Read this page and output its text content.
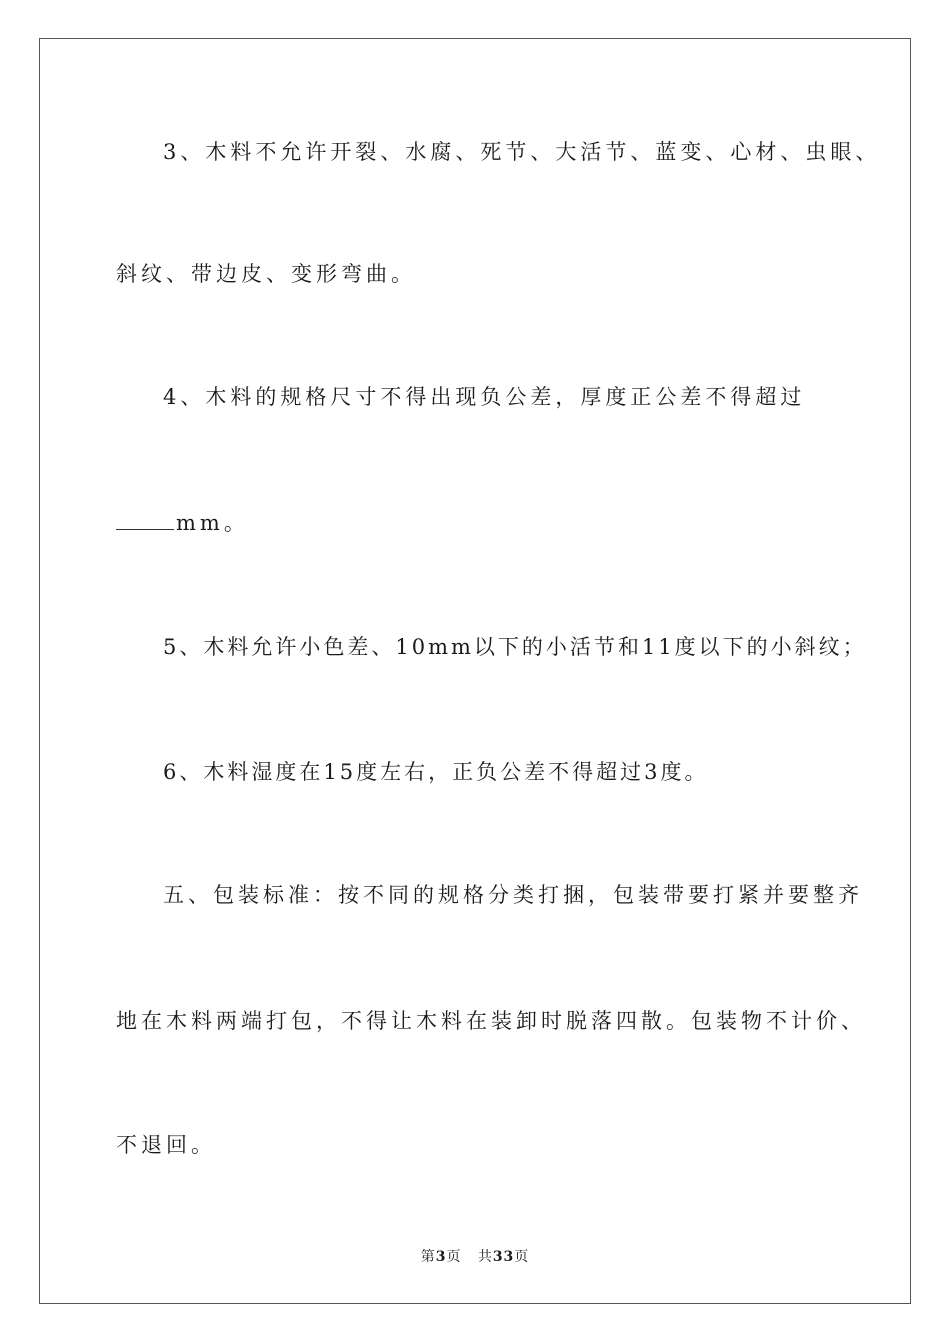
3、木料不允许开裂、水腐、死节、大活节、蓝变、心材、虫眼、
斜纹、带边皮、变形弯曲。
4、木料的规格尺寸不得出现负公差，厚度正公差不得超过
mm。
5、木料允许小色差、10mm以下的小活节和11度以下的小斜纹；
6、木料湿度在15度左右，正负公差不得超过3度。
五、包装标准：按不同的规格分类打捆，包装带要打紧并要整齐
地在木料两端打包，不得让木料在装卸时脱落四散。包装物不计价、
不退回。
第3页 共33页
